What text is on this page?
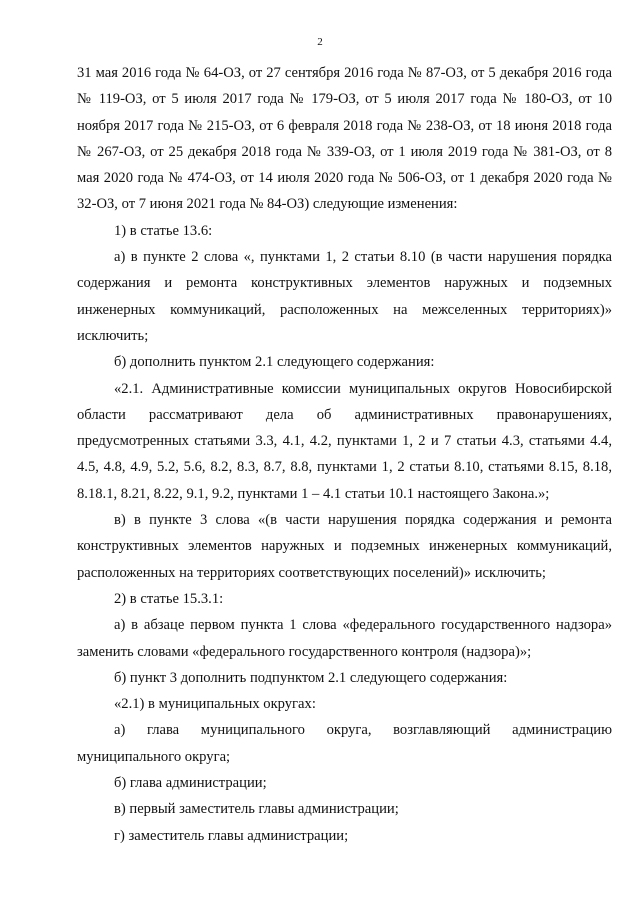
2

31 мая 2016 года № 64-ОЗ, от 27 сентября 2016 года № 87-ОЗ, от 5 декабря 2016 года № 119-ОЗ, от 5 июля 2017 года № 179-ОЗ, от 5 июля 2017 года № 180-ОЗ, от 10 ноября 2017 года № 215-ОЗ, от 6 февраля 2018 года № 238-ОЗ, от 18 июня 2018 года № 267-ОЗ, от 25 декабря 2018 года № 339-ОЗ, от 1 июля 2019 года № 381-ОЗ, от 8 мая 2020 года № 474-ОЗ, от 14 июля 2020 года № 506-ОЗ, от 1 декабря 2020 года № 32-ОЗ, от 7 июня 2021 года № 84-ОЗ) следующие изменения:

1) в статье 13.6:

а) в пункте 2 слова «, пунктами 1, 2 статьи 8.10 (в части нарушения порядка содержания и ремонта конструктивных элементов наружных и подземных инженерных коммуникаций, расположенных на межселенных территориях)» исключить;

б) дополнить пунктом 2.1 следующего содержания:

«2.1. Административные комиссии муниципальных округов Новосибирской области рассматривают дела об административных правонарушениях, предусмотренных статьями 3.3, 4.1, 4.2, пунктами 1, 2 и 7 статьи 4.3, статьями 4.4, 4.5, 4.8, 4.9, 5.2, 5.6, 8.2, 8.3, 8.7, 8.8, пунктами 1, 2 статьи 8.10, статьями 8.15, 8.18, 8.18.1, 8.21, 8.22, 9.1, 9.2, пунктами 1 – 4.1 статьи 10.1 настоящего Закона.»;

в) в пункте 3 слова «(в части нарушения порядка содержания и ремонта конструктивных элементов наружных и подземных инженерных коммуникаций, расположенных на территориях соответствующих поселений)» исключить;

2) в статье 15.3.1:

а) в абзаце первом пункта 1 слова «федерального государственного надзора» заменить словами «федерального государственного контроля (надзора)»;

б) пункт 3 дополнить подпунктом 2.1 следующего содержания:

«2.1) в муниципальных округах:

а) глава муниципального округа, возглавляющий администрацию муниципального округа;

б) глава администрации;

в) первый заместитель главы администрации;

г) заместитель главы администрации;
